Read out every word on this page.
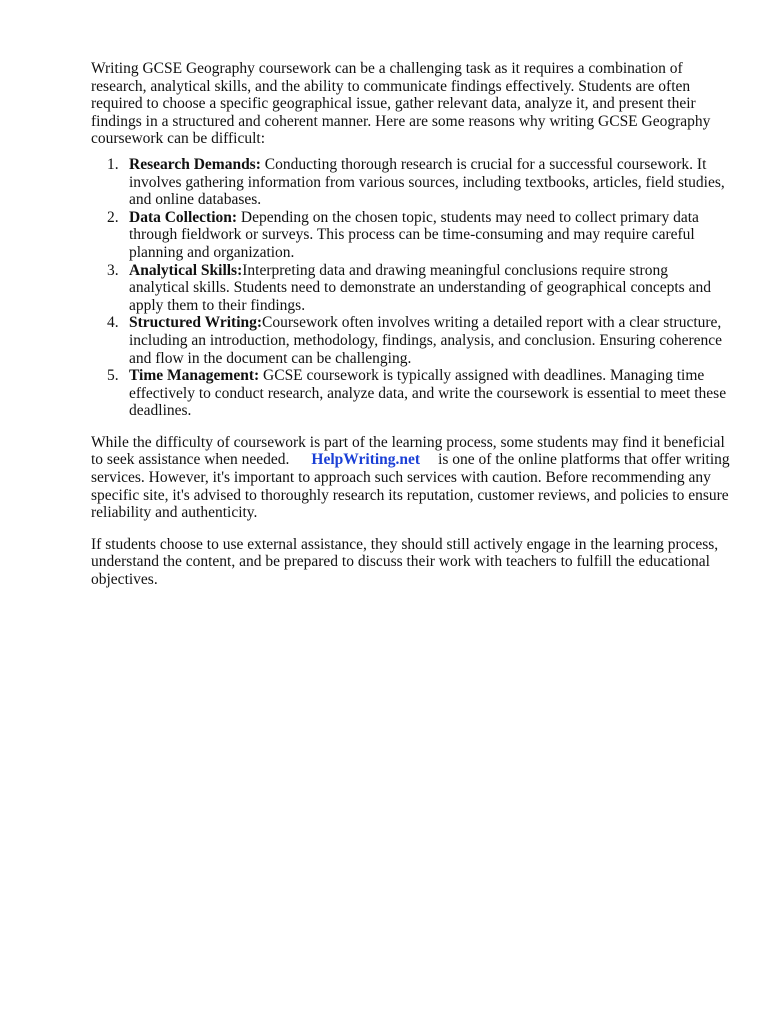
Writing GCSE Geography coursework can be a challenging task as it requires a combination of research, analytical skills, and the ability to communicate findings effectively. Students are often required to choose a specific geographical issue, gather relevant data, analyze it, and present their findings in a structured and coherent manner. Here are some reasons why writing GCSE Geography coursework can be difficult:

1. Research Demands: Conducting thorough research is crucial for a successful coursework. It involves gathering information from various sources, including textbooks, articles, field studies, and online databases.
2. Data Collection: Depending on the chosen topic, students may need to collect primary data through fieldwork or surveys. This process can be time-consuming and may require careful planning and organization.
3. Analytical Skills:Interpreting data and drawing meaningful conclusions require strong analytical skills. Students need to demonstrate an understanding of geographical concepts and apply them to their findings.
4. Structured Writing:Coursework often involves writing a detailed report with a clear structure, including an introduction, methodology, findings, analysis, and conclusion. Ensuring coherence and flow in the document can be challenging.
5. Time Management: GCSE coursework is typically assigned with deadlines. Managing time effectively to conduct research, analyze data, and write the coursework is essential to meet these deadlines.

While the difficulty of coursework is part of the learning process, some students may find it beneficial to seek assistance when needed. HelpWriting.net is one of the online platforms that offer writing services. However, it's important to approach such services with caution. Before recommending any specific site, it's advised to thoroughly research its reputation, customer reviews, and policies to ensure reliability and authenticity.

If students choose to use external assistance, they should still actively engage in the learning process, understand the content, and be prepared to discuss their work with teachers to fulfill the educational objectives.
